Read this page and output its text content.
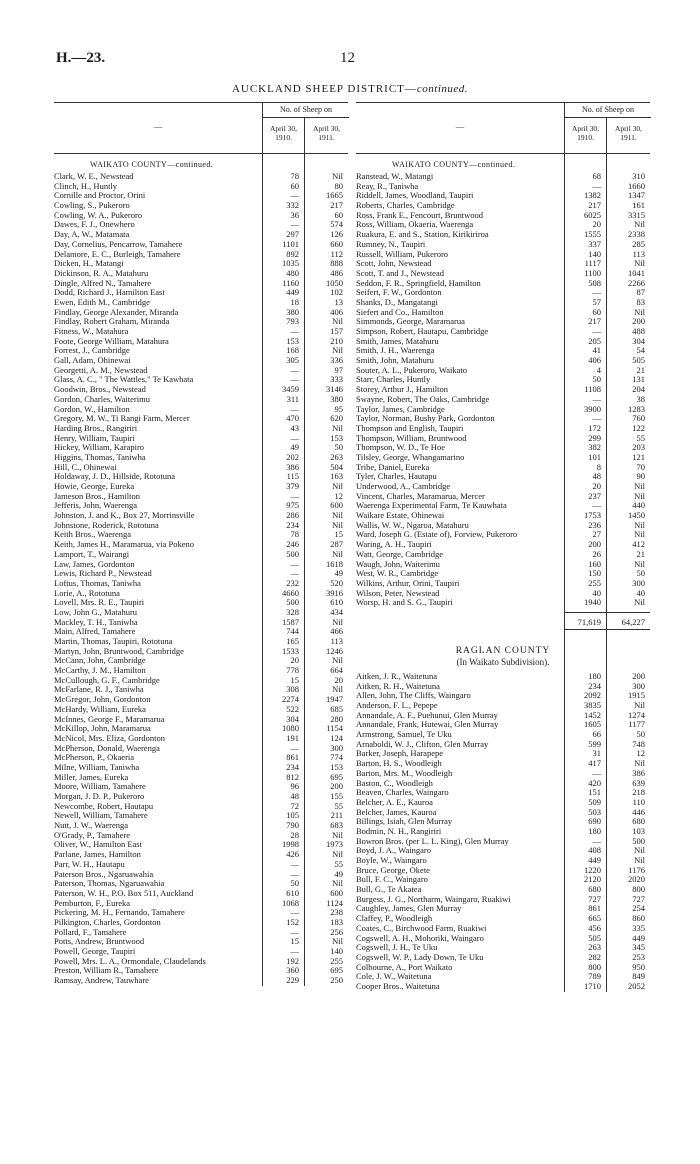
H.—23.	12
AUCKLAND SHEEP DISTRICT—continued.
—
No. of Sheep on
April 30,
1910.
April 30,
1911.
WAIKATO COUNTY—continued.
Clark, W. E., Newstead	78	Nil
Clinch, H., Huntly	60	80
Cornille and Proctor, Orini	—	1665
Cowling, S., Pukeroro	332	217
Cowling, W. A., Pukeroro	36	60
Dawes, F. J., Onewhero	—	574
Day, A. W., Matamata	297	126
Day, Cornelius, Pencarrow, Tamahere	1101	660
Delamore, E. C., Burleigh, Tamahere	892	112
Dicken, H., Matangi	1035	888
Dickinson, R. A., Matahuru	480	486
Dingle, Alfred N., Tamahere	1160	1050
Dodd, Richard J., Hamilton East	449	102
Ewen, Edith M., Cambridge	18	13
Findlay, George Alexander, Miranda	380	406
Findlay, Robert Graham, Miranda	793	Nil
Fitness, W., Matahura	—	157
Foote, George William, Matahura	153	210
Forrest, J., Cambridge	168	Nil
Gall, Adam, Ohinewai	305	336
Georgetti, A. M., Newstead	—	97
Glass, A. C., " The Wattles," Te Kawhata	—	333
Goodwin, Bros., Newstead	3459	3146
Gordon, Charles, Waiterimu	311	380
Gordon, W., Hamilton	—	95
Gregory, M. W., Ti Rangi Farm, Mercer	470	620
Harding Bros., Rangiriri	43	Nil
Henry, William, Taupiri	—	153
Hickey, William, Karapiro	49	50
Higgins, Thomas, Taniwha	202	263
Hill, C., Ohinewai	386	504
Holdaway, J. D., Hillside, Rototuna	115	163
Howie, George, Eureka	379	Nil
Jameson Bros., Hamilton	—	12
Jefferis, John, Waerenga	975	600
Johnston, J. and K., Box 27, Morrinsville	286	Nil
Johnstone, Roderick, Rototuna	234	Nil
Keith Bros., Waerenga	78	15
Keith, James H., Maramarua, via Pokeno	246	287
Lamport, T., Wairangi	500	Nil
Law, James, Gordonton	—	1618
Lewis, Richard P., Newstead	—	49
Loftus, Thomas, Taniwha	232	520
Lorie, A., Rototuna	4660	3916
Lovell, Mrs. R. E., Taupiri	500	610
Low, John G., Matahuru	328	434
Mackley, T. H., Taniwha	1587	Nil
Main, Alfred, Tamahere	744	466
Martin, Thomas, Taupiri, Rototuna	165	113
Martyn, John, Bruntwood, Cambridge	1533	1246
McCann, John, Cambridge	20	Nil
McCarthy, J. M., Hamilton	778	664
McCullough, G. F., Cambridge	15	20
McFarlane, R. J., Taniwha	308	Nil
McGregor, John, Gordonton	2274	1947
McHardy, William, Eureka	522	685
McInnes, George F., Maramarua	304	280
McKillop, John, Maramarua	1080	1154
McNicol, Mrs. Eliza, Gordonton	191	124
McPherson, Donald, Waerenga	—	300
McPherson, P., Okaeria	861	774
Milne, William, Taniwha	234	153
Miller, James, Eureka	812	695
Moore, William, Tamahere	96	200
Morgan, J. D. P., Pukeroro	48	155
Newcombe, Robert, Hautapu	72	55
Newell, William, Tamahere	105	211
Nutt, J. W., Waerenga	790	683
O'Grady, P., Tamahere	28	Nil
Oliver, W., Hamilton East	1998	1973
Parlane, James, Hamilton	426	Nil
Parr, W. H., Hautapu	—	55
Paterson Bros., Ngaruawahia	—	49
Paterson, Thomas, Ngaruawahia	50	Nil
Paterson, W. H., P.O. Box 511, Auckland	610	600
Pemburton, F., Eureka	1068	1124
Pickering, M. H., Fernando, Tamahere	—	238
Pilkington, Charles, Gordonton	152	183
Pollard, F., Tamahere	—	256
Potts, Andrew, Bruntwood	15	Nil
Powell, George, Taupiri	—	140
Powell, Mrs. L. A., Ormondale, Claudelands	192	255
Preston, William R., Tamahere	360	695
Ramsay, Andrew, Tauwhare	229	250
—
No. of Sheep on
April 30,
1910.
April 30,
1911.
WAIKATO COUNTY—continued.
Ranstead, W., Matangi	68	310
Reay, R., Taniwha	—	1660
Riddell, James, Woodland, Taupiri	1382	1347
Roberts, Charles, Cambridge	217	161
Ross, Frank E., Fencourt, Bruntwood	6025	3315
Ross, William, Okaeria, Waerenga	20	Nil
Ruakura, E. and S., Station, Kirikiriroa	1555	2338
Rumney, N., Taupiri	337	285
Russell, William, Pukeroro	140	113
Scott, John, Newstead	1117	Nil
Scott, T. and J., Newstead	1100	1041
Seddon, F. R., Springfield, Hamilton	508	2266
Seifert, F. W., Gordonton	—	87
Shanks, D., Mangatangi	57	83
Siefert and Co., Hamilton	60	Nil
Simmonds, George, Maramarua	217	200
Simpson, Robert, Hautapu, Cambridge	—	488
Smith, James, Matahuru	205	304
Smith, J. H., Waerenga	41	54
Smith, John, Matahuru	406	505
Souter, A. L., Pukeroro, Waikato	4	21
Starr, Charles, Huntly	50	131
Storey, Arthur J., Hamilton	1108	204
Swayne, Robert, The Oaks, Cambridge	—	38
Taylor, James, Cambridge	3900	1283
Taylor, Norman, Bushy Park, Gordonton	—	760
Thompson and English, Taupiri	172	122
Thompson, William, Bruntwood	299	55
Thompson, W. D., Te Hoe	382	203
Tilsley, George, Whangamarino	101	121
Tribe, Daniel, Eureka	8	70
Tyler, Charles, Hautapu	48	90
Underwood, A., Cambridge	20	Nil
Vincent, Charles, Maramarua, Mercer	237	Nil
Waerenga Experimental Farm, Te Kauwhata	—	440
Waikare Estate, Ohinewai	1753	1450
Wallis, W. W., Ngaroa, Matahuru	236	Nil
Ward, Joseph G. (Estate of), Forview, Pukeroro	27	Nil
Waring, A. H., Taupiri	200	412
Watt, George, Cambridge	26	21
Waugh, John, Waiterimu	160	Nil
West, W. R., Cambridge	150	50
Wilkins, Arthur, Orini, Taupiri	255	300
Wilson, Peter, Newstead	40	40
Worsp, H. and S. G., Taupiri	1940	Nil
71,619	64,227
RAGLAN COUNTY
(In Waikato Subdivision).
Aitken, J. R., Waitetuna	180	200
Aitken, R. H., Waitetuna	234	300
Allen, John, The Cliffs, Waingaro	2092	1915
Anderson, F. L., Pepepe	3835	Nil
Annandale, A. F., Puehunui, Glen Murray	1452	1274
Annandale, Frank, Hutewai, Glen Murray	1605	1177
Armstrong, Samuel, Te Uku	66	50
Arnaboldi, W. J., Clifton, Glen Murray	599	748
Barker, Joseph, Harapepe	31	12
Barton, H. S., Woodleigh	417	Nil
Barton, Mrs. M., Woodleigh	—	386
Baston, C., Woodleigh	420	639
Beaven, Charles, Waingaro	151	218
Belcher, A. E., Kauroa	509	110
Belcher, James, Kauroa	503	446
Billings, Isiah, Glen Murray	690	680
Bodmin, N. H., Rangiriri	180	103
Bowron Bros. (per L. L. King), Glen Murray	—	500
Boyd, J. A., Waingaro	408	Nil
Boyle, W., Waingaro	449	Nil
Bruce, George, Okete	1220	1176
Bull, F. C., Waingaro	2120	2020
Bull, G., Te Akatea	680	800
Burgess, J. G., Northarm, Waingaro, Ruakiwi	727	727
Caughley, James, Glen Murray	861	254
Claffey, P., Woodleigh	665	860
Coates, C., Birchwood Farm, Ruakiwi	456	335
Cogswell, A. H., Mohoriki, Waingaro	505	449
Cogswell, J. H., Te Uku	263	345
Cogswell, W. P., Lady Down, Te Uku	282	253
Colbourne, A., Port Waikato	800	950
Cole, J. W., Waitetuna	789	849
Cooper Bros., Waitetuna	1710	2052
